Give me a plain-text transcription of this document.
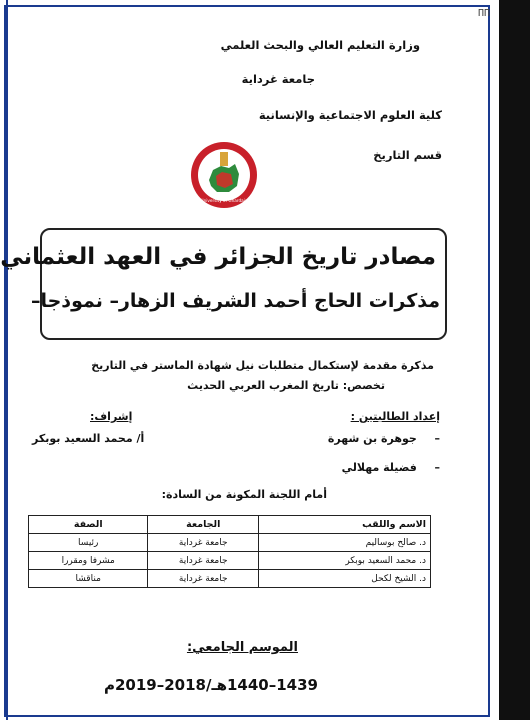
ПП
وزارة التعليم العالي والبحث العلمي
جامعة غرداية
كلية العلوم الاجتماعية والإنسانية
قسم التاريخ
University of Ghardaia
مصادر تاريخ الجزائر في العهد العثماني
مذكرات الحاج أحمد الشريف الزهار– نموذجا–
مذكرة مقدمة لإستكمال متطلبات نيل شهادة الماستر في التاريخ
تخصص: تاريخ المغرب العربي الحديث
إعداد الطالبتين :
–  جوهرة بن شهرة
–  فضيلة مهلالي
إشراف:
أ/ محمد السعيد بوبكر
أمام اللجنة المكونة من السادة:
الاسم واللقب	الجامعة	الصفة
د. صالح بوساليم	جامعة غرداية	رئيسا
د. محمد السعيد بوبكر	جامعة غرداية	مشرفا ومقررا
د. الشيخ لكحل	جامعة غرداية	مناقشا
الموسم الجامعي:
1439–1440هـ/2018–2019م
